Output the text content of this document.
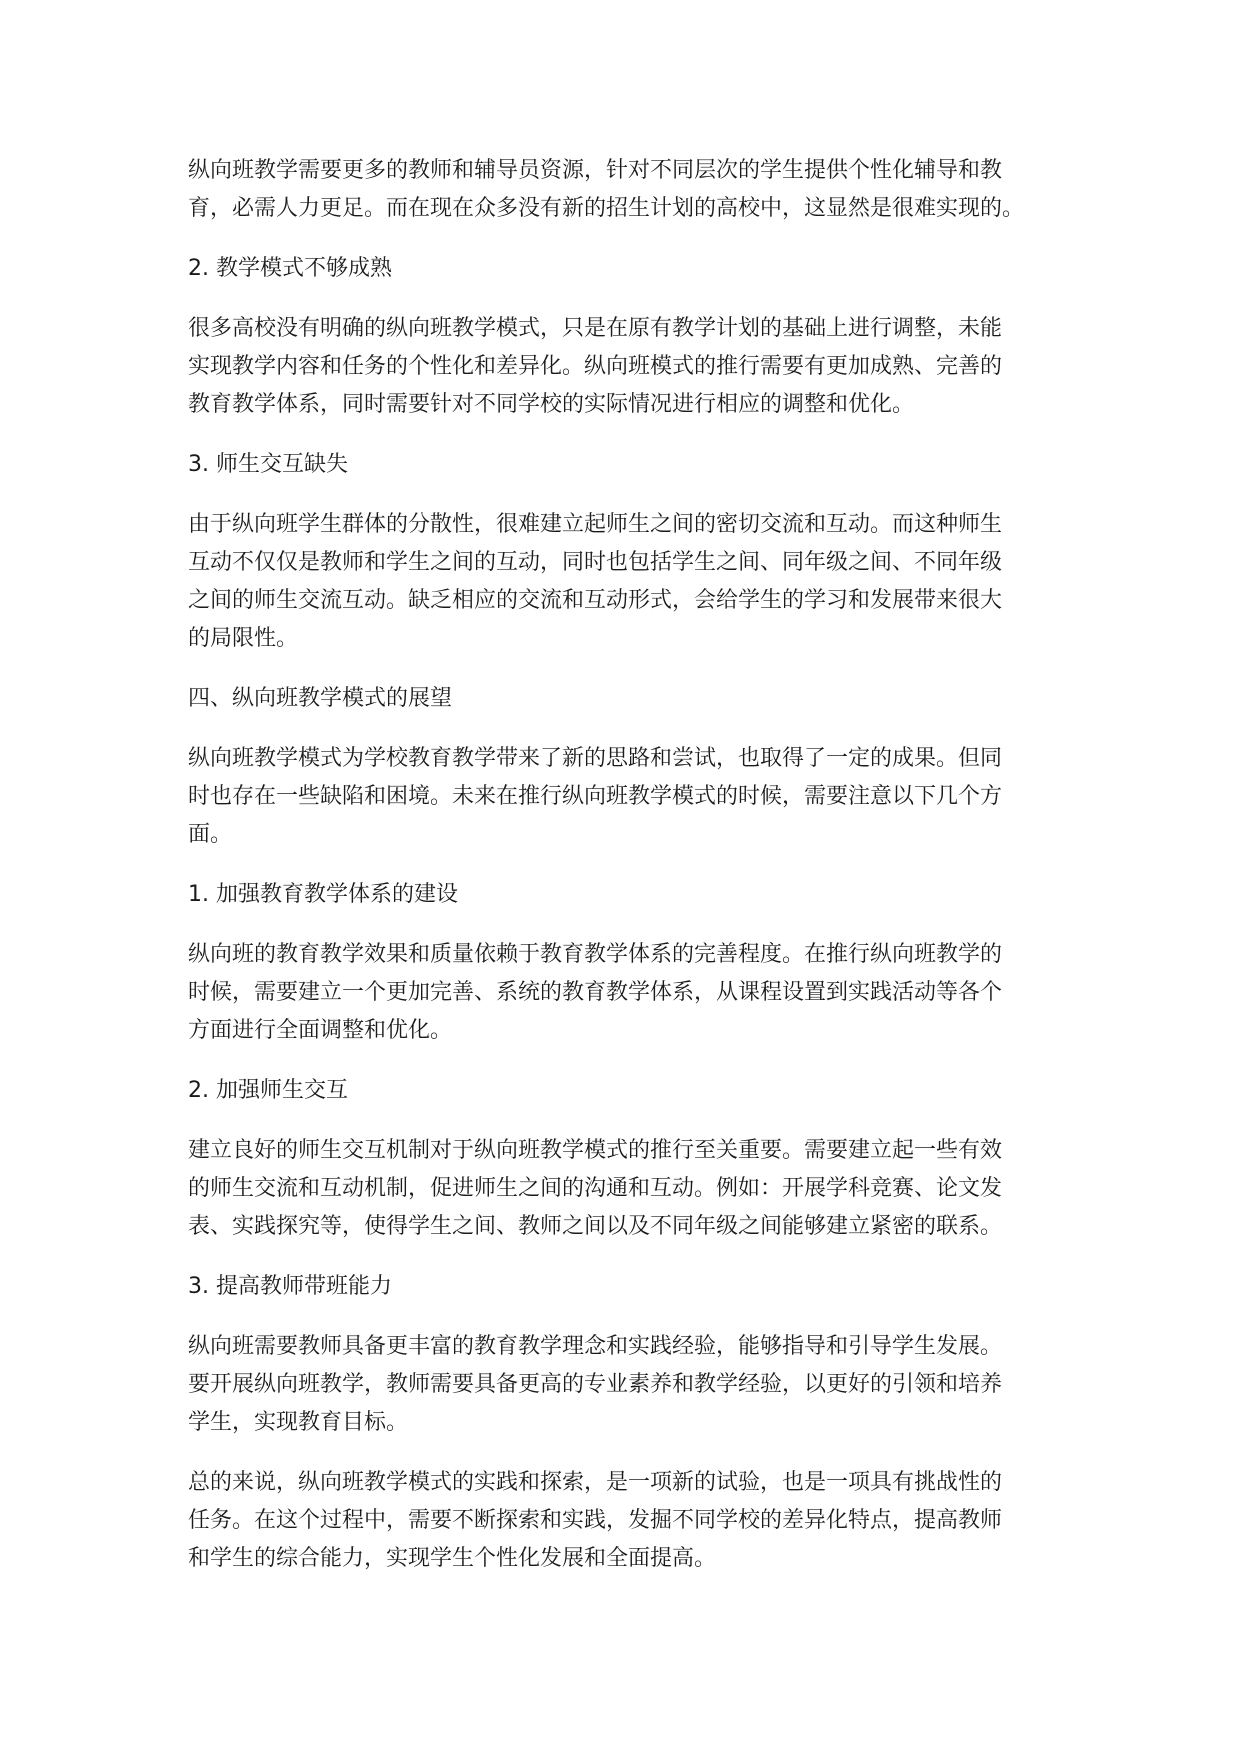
纵向班教学需要更多的教师和辅导员资源，针对不同层次的学生提供个性化辅导和教
育，必需人力更足。而在现在众多没有新的招生计划的高校中，这显然是很难实现的。

2. 教学模式不够成熟

很多高校没有明确的纵向班教学模式，只是在原有教学计划的基础上进行调整，未能
实现教学内容和任务的个性化和差异化。纵向班模式的推行需要有更加成熟、完善的
教育教学体系，同时需要针对不同学校的实际情况进行相应的调整和优化。

3. 师生交互缺失

由于纵向班学生群体的分散性，很难建立起师生之间的密切交流和互动。而这种师生
互动不仅仅是教师和学生之间的互动，同时也包括学生之间、同年级之间、不同年级
之间的师生交流互动。缺乏相应的交流和互动形式，会给学生的学习和发展带来很大
的局限性。

四、纵向班教学模式的展望

纵向班教学模式为学校教育教学带来了新的思路和尝试，也取得了一定的成果。但同
时也存在一些缺陷和困境。未来在推行纵向班教学模式的时候，需要注意以下几个方
面。

1. 加强教育教学体系的建设

纵向班的教育教学效果和质量依赖于教育教学体系的完善程度。在推行纵向班教学的
时候，需要建立一个更加完善、系统的教育教学体系，从课程设置到实践活动等各个
方面进行全面调整和优化。

2. 加强师生交互

建立良好的师生交互机制对于纵向班教学模式的推行至关重要。需要建立起一些有效
的师生交流和互动机制，促进师生之间的沟通和互动。例如：开展学科竞赛、论文发
表、实践探究等，使得学生之间、教师之间以及不同年级之间能够建立紧密的联系。

3. 提高教师带班能力

纵向班需要教师具备更丰富的教育教学理念和实践经验，能够指导和引导学生发展。
要开展纵向班教学，教师需要具备更高的专业素养和教学经验，以更好的引领和培养
学生，实现教育目标。

总的来说，纵向班教学模式的实践和探索，是一项新的试验，也是一项具有挑战性的
任务。在这个过程中，需要不断探索和实践，发掘不同学校的差异化特点，提高教师
和学生的综合能力，实现学生个性化发展和全面提高。
